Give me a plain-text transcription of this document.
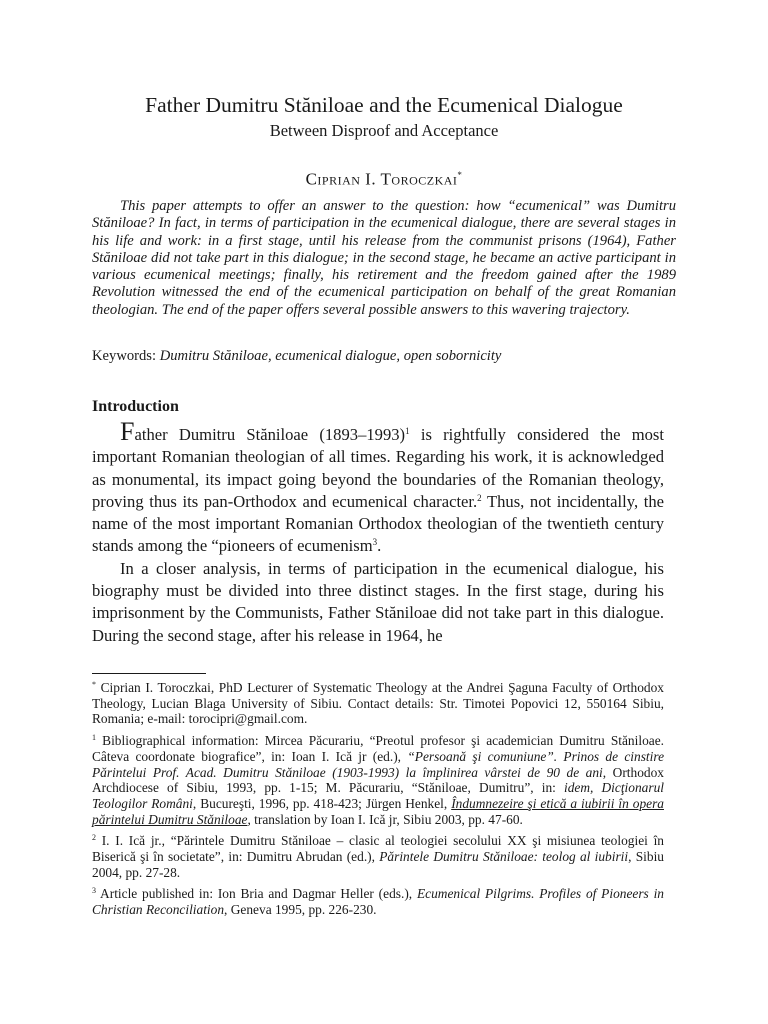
Father Dumitru Stăniloae and the Ecumenical Dialogue
Between Disproof and Acceptance
Ciprian I. Toroczkai*

This paper attempts to offer an answer to the question: how “ecumenical” was Dumitru Stăniloae? In fact, in terms of participation in the ecumenical dialogue, there are several stages in his life and work: in a first stage, until his release from the communist prisons (1964), Father Stăniloae did not take part in this dialogue; in the second stage, he became an active participant in various ecumenical meetings; finally, his retirement and the freedom gained after the 1989 Revolution witnessed the end of the ecumenical participation on behalf of the great Romanian theologian. The end of the paper offers several possible answers to this wavering trajectory.

Keywords: Dumitru Stăniloae, ecumenical dialogue, open sobornicity

Introduction

Father Dumitru Stăniloae (1893–1993)$^1$ is rightfully considered the most important Romanian theologian of all times. Regarding his work, it is acknowledged as monumental, its impact going beyond the boundaries of the Romanian theology, proving thus its pan-Orthodox and ecumenical character.$^2$ Thus, not incidentally, the name of the most important Romanian Orthodox theologian of the twentieth century stands among the “pioneers of ecumenism$^3$.

In a closer analysis, in terms of participation in the ecumenical dialogue, his biography must be divided into three distinct stages. In the first stage, during his imprisonment by the Communists, Father Stăniloae did not take part in this dialogue. During the second stage, after his release in 1964, he

* Ciprian I. Toroczkai, PhD Lecturer of Systematic Theology at the Andrei Şaguna Faculty of Orthodox Theology, Lucian Blaga University of Sibiu. Contact details: Str. Timotei Popovici 12, 550164 Sibiu, Romania; e-mail: torocipri@gmail.com.

$^1$ Bibliographical information: Mircea Păcurariu, “Preotul profesor şi academician Dumitru Stăniloae. Câteva coordonate biografice”, in: Ioan I. Ică jr (ed.), “Persoană şi comuniune”. Prinos de cinstire Părintelui Prof. Acad. Dumitru Stăniloae (1903-1993) la împlinirea vârstei de 90 de ani, Orthodox Archdiocese of Sibiu, 1993, pp. 1-15; M. Păcurariu, “Stăniloae, Dumitru”, in: idem, Dicţionarul Teologilor Români, Bucureşti, 1996, pp. 418-423; Jürgen Henkel, Îndumnezeire şi etică a iubirii în opera părintelui Dumitru Stăniloae, translation by Ioan I. Ică jr, Sibiu 2003, pp. 47-60.

$^2$ I. I. Ică jr., “Părintele Dumitru Stăniloae – clasic al teologiei secolului XX şi misiunea teologiei în Biserică şi în societate”, in: Dumitru Abrudan (ed.), Părintele Dumitru Stăniloae: teolog al iubirii, Sibiu 2004, pp. 27-28.

$^3$ Article published in: Ion Bria and Dagmar Heller (eds.), Ecumenical Pilgrims. Profiles of Pioneers in Christian Reconciliation, Geneva 1995, pp. 226-230.
